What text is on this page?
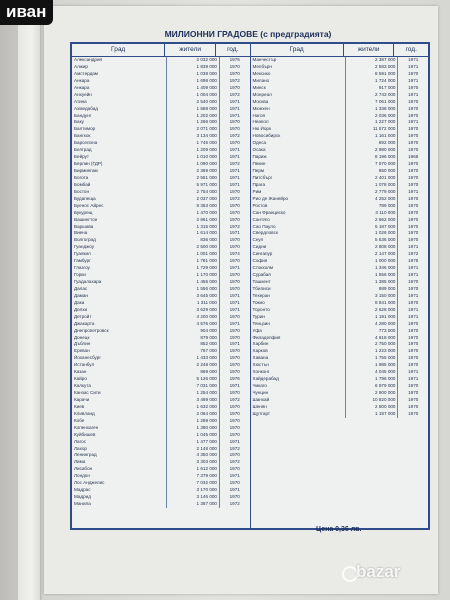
иван
МИЛИОННИ ГРАДОВЕ (с предградията)
Град	жители	год.
Александрия	2 032 000	1976
Алжир	1 839 000	1970
Амстердам	1 038 000	1970
Анкара	1 698 000	1972
Анкара	1 409 000	1970
Анхуейн	1 004 000	1972
Атина	2 540 000	1971
Ахмедабад	1 588 000	1971
Бандунг	1 202 000	1971
Баку	1 266 000	1970
Балтимор	2 071 000	1970
Бангкок	3 134 000	1972
Барселона	1 745 000	1970
Белград	1 209 000	1971
Бейрут	1 010 000	1971
Берлин (ГДР)	1 090 000	1972
Бирмингам	2 369 000	1971
Богота	2 551 000	1971
Бомбай	5 971 000	1971
Бостон	2 754 000	1970
Будапеща	2 037 000	1972
Буенос Айрес	8 353 000	1970
Букурещ	1 470 000	1970
Вашингтон	2 861 000	1970
Варшава	1 315 000	1972
Виена	1 614 000	1971
Волгоград	836 000	1970
Гуанджоу	2 500 000	1970
Гуаякил	1 001 000	1974
Гамбург	1 781 000	1970
Глазгоу	1 729 000	1971
Горки	1 170 000	1970
Гуадалахара	1 455 000	1970
Далас	1 556 000	1970
Даман	3 645 000	1971
Дака	1 311 000	1971
Делхи	3 629 000	1971
Детройт	4 200 000	1970
Джакарта	4 576 000	1971
Днепропетровск	904 000	1970
Донецк	879 000	1970
Дъблин	852 000	1971
Ереван	767 000	1970
Йоханесбург	1 433 000	1970
Истанбул	2 248 000	1970
Казан	869 000	1970
Кайро	5 126 000	1976
Калкута	7 031 000	1971
Канзас Сити	1 254 000	1970
Карачи	3 469 000	1972
Киев	1 632 000	1970
Кливланд	2 064 000	1970
Кобе	1 289 000	1970
Копенхаген	1 380 000	1970
Куйбишев	1 045 000	1970
Лагос	1 477 000	1971
Лахор	2 148 000	1972
Ленинград	4 350 000	1970
Лима	3 303 000	1972
Лисабон	1 612 000	1970
Лондон	7 379 000	1971
Лос Анджелис	7 032 000	1970
Мадрас	3 170 000	1971
Мадрид	3 146 000	1970
Манила	1 387 000	1972
Град	жители	год.
Манчестър	2 387 000	1971
Мелбърн	2 583 000	1971
Мексико	8 591 000	1970
Милано	1 724 000	1971
Минск	917 000	1970
Монреал	2 743 000	1971
Москва	7 061 000	1970
Мюнхен	1 338 000	1970
Нагоя	2 036 000	1970
Неапол	1 227 000	1971
Ню Йорк	11 572 000	1970
Новосибирск	1 161 000	1970
Одеса	892 000	1970
Осака	2 980 000	1970
Париж	8 196 000	1968
Пекин	7 570 000	1970
Перм	850 000	1970
Питсбърг	2 401 000	1970
Прага	1 078 000	1970
Рим	2 779 000	1971
Рио де Жанейро	4 252 000	1970
Ростов	789 000	1970
Сан Франциско	3 110 000	1970
Сантяго	2 662 000	1970
Сао Пауло	5 187 000	1970
Свердловск	1 026 000	1970
Сеул	5 536 000	1970
Сидни	2 808 000	1971
Сингапур	2 147 000	1972
София	1 000 000	1975
Стокхолм	1 346 000	1971
Сурабая	1 556 000	1971
Ташкент	1 385 000	1970
Тбилиси	889 000	1970
Техеран	3 150 000	1971
Токио	8 841 000	1970
Торонто	2 628 000	1971
Турин	1 191 000	1971
Тянцзин	4 280 000	1970
Уфа	773 000	1970
Филаделфия	4 818 000	1970
Харбин	2 750 000	1970
Харков	1 223 000	1970
Хавана	1 755 000	1970
Хюстън	1 985 000	1970
Хонконг	4 045 000	1971
Хайдерабад	1 796 000	1971
Чикаго	6 979 000	1970
Чунцин	2 900 000	1970
Шанхай	10 820 000	1970
Шенян	2 800 000	1970
Щутгарт	1 197 000	1970
Цена 0,36 лв.
bazar
